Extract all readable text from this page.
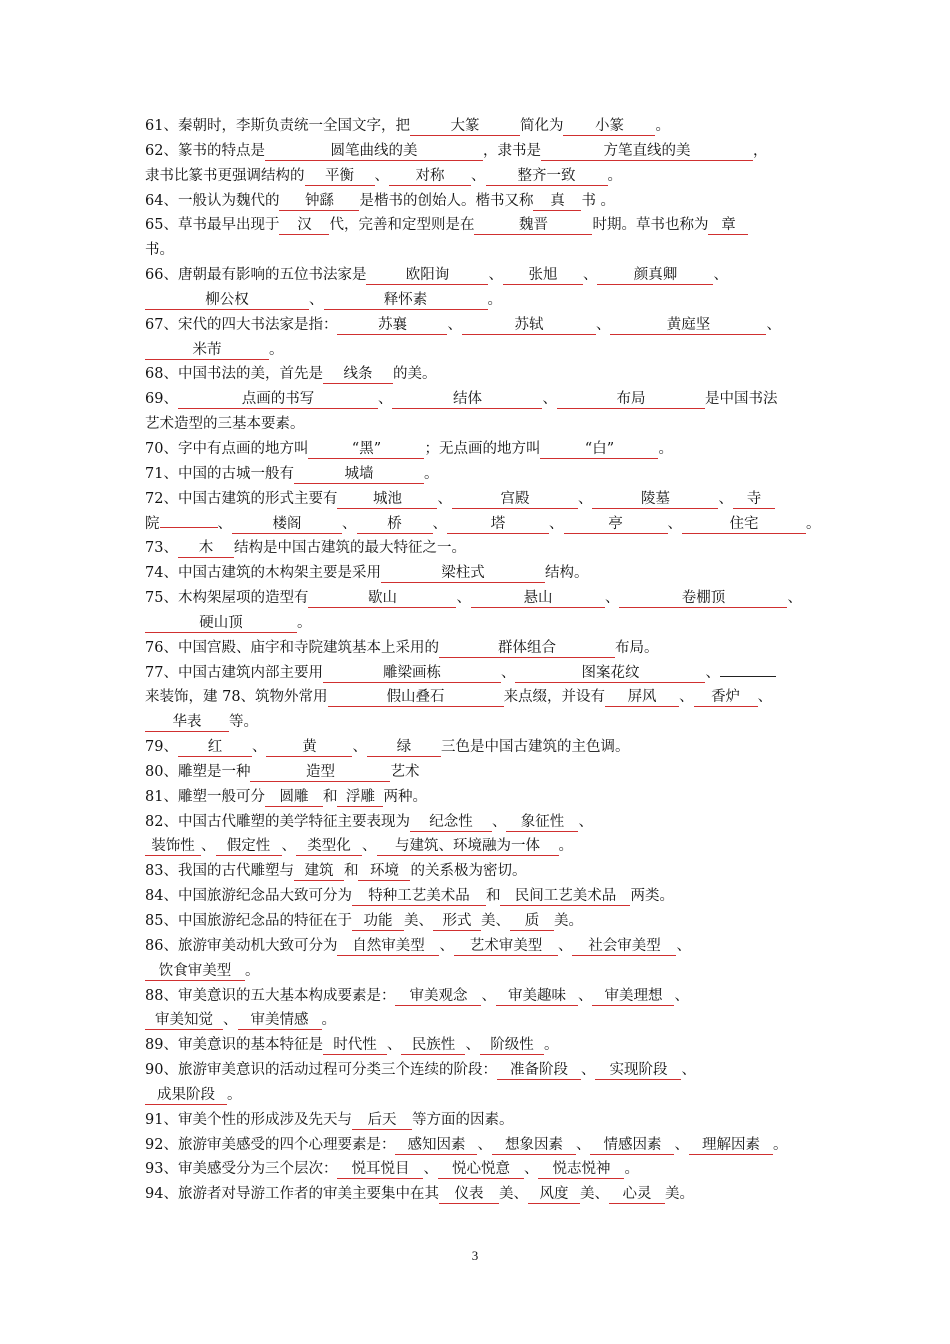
61、秦朝时，李斯负责统一全国文字，把	大篆	简化为 小篆 。
62、篆书的特点是	圆笔曲线的美	，隶书是	方笔直线的美	，
隶书比篆书更强调结构的 平衡 、 对称 、 整齐一致 。
64、一般认为魏代的 钟繇 是楷书的创始人。楷书又称 真 书 。
65、草书最早出现于 汉 代，完善和定型则是在	魏晋	时期。草书也称为 章
书。
66、唐朝最有影响的五位书法家是	欧阳询	、 张旭 、	颜真卿	、
柳公权	、	释怀素	。
67、宋代的四大书法家是指：	苏襄	、	苏轼	、	黄庭坚	、
米芾	。
68、中国书法的美，首先是 线条 的美。
69、	点画的书写	、	结体	、	布局	是中国书法
艺术造型的三基本要素。
70、字中有点画的地方叫	“黑”	；无点画的地方叫	“白”	。
71、中国的古城一般有	城墙	。
72、中国古建筑的形式主要有 城池 、	宫殿	、	陵墓	、 寺
院	、	楼阁	、 桥 、	塔	、	亭	、	住宅	。
73、 木 结构是中国古建筑的最大特征之一。
74、中国古建筑的木构架主要是采用	梁柱式	结构。
75、木构架屋项的造型有	歇山	、	悬山	、	卷棚顶	、
硬山顶	。
76、中国宫殿、庙宇和寺院建筑基本上采用的	群体组合	布局。
77、中国古建筑内部主要用	雕梁画栋	、	图案花纹	、
来装饰，建 78、筑物外常用	假山叠石	来点缀，并设有 屏风 、 香炉 、
华表 等。
79、 红 、 黄 、 绿 三色是中国古建筑的主色调。
80、雕塑是一种	造型	艺术
81、雕塑一般可分 圆雕 和 浮雕 两种。
82、中国古代雕塑的美学特征主要表现为 纪念性 、 象征性 、
装饰性 、 假定性 、 类型化 、 与建筑、环境融为一体 。
83、我国的古代雕塑与 建筑 和 环境 的关系极为密切。
84、中国旅游纪念品大致可分为 特种工艺美术品 和 民间工艺美术品 两类。
85、中国旅游纪念品的特征在于 功能 美、 形式 美、 质 美。
86、旅游审美动机大致可分为 自然审美型 、 艺术审美型 、 社会审美型 、
饮食审美型 。
88、审美意识的五大基本构成要素是： 审美观念 、 审美趣味 、 审美理想 、
审美知觉 、 审美情感 。
89、审美意识的基本特征是 时代性 、 民族性 、 阶级性 。
90、旅游审美意识的活动过程可分类三个连续的阶段： 准备阶段 、 实现阶段 、
成果阶段 。
91、审美个性的形成涉及先天与 后天 等方面的因素。
92、旅游审美感受的四个心理要素是： 感知因素 、 想象因素 、 情感因素 、 理解因素 。
93、审美感受分为三个层次： 悦耳悦目 、 悦心悦意 、 悦志悦神 。
94、旅游者对导游工作者的审美主要集中在其 仪表 美、 风度 美、 心灵 美。
3
